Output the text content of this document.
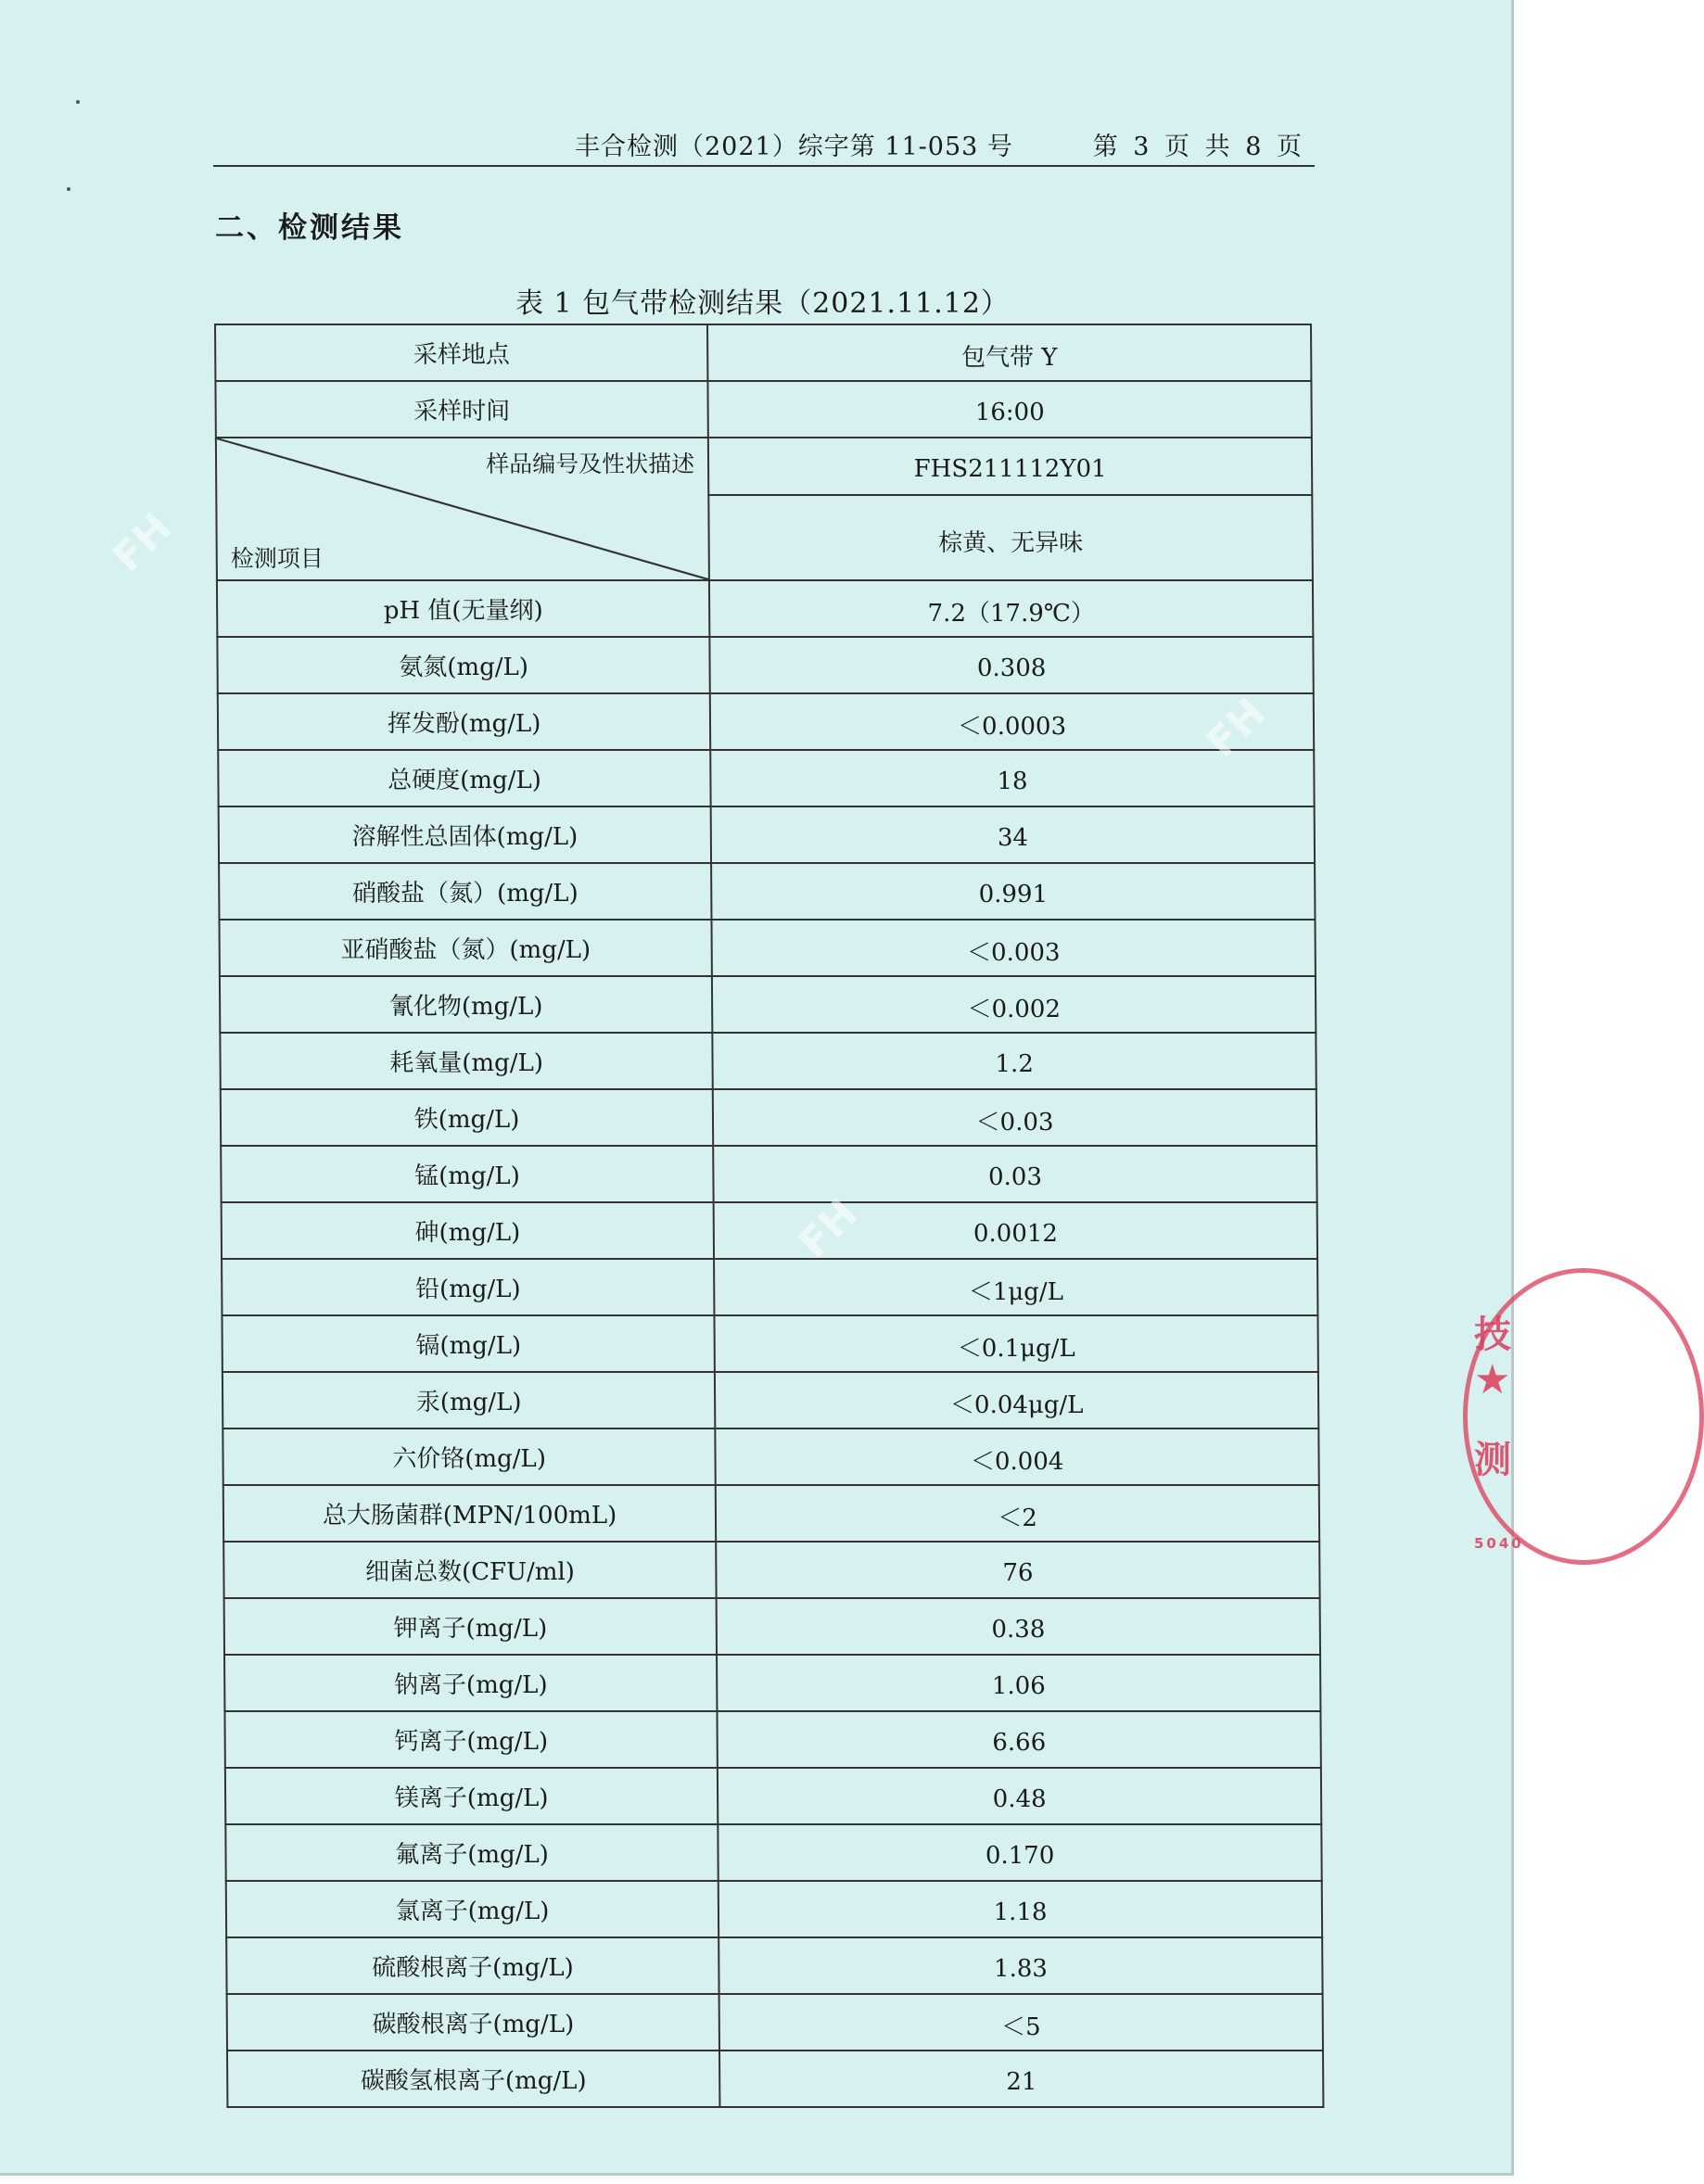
丰合检测（2021）综字第 11-053 号	第 3 页 共 8 页
二、检测结果
表 1 包气带检测结果（2021.11.12）
采样地点	包气带 Y
采样时间	16:00

样品编号及性状描述
检测项目	FHS211112Y01
	棕黄、无异味
pH 值(无量纲)	7.2（17.9℃）
氨氮(mg/L)	0.308
挥发酚(mg/L)	＜0.0003
总硬度(mg/L)	18
溶解性总固体(mg/L)	34
硝酸盐（氮）(mg/L)	0.991
亚硝酸盐（氮）(mg/L)	＜0.003
氰化物(mg/L)	＜0.002
耗氧量(mg/L)	1.2
铁(mg/L)	＜0.03
锰(mg/L)	0.03
砷(mg/L)	0.0012
铅(mg/L)	＜1μg/L
镉(mg/L)	＜0.1μg/L
汞(mg/L)	＜0.04μg/L
六价铬(mg/L)	＜0.004
总大肠菌群(MPN/100mL)	＜2
细菌总数(CFU/ml)	76
钾离子(mg/L)	0.38
钠离子(mg/L)	1.06
钙离子(mg/L)	6.66
镁离子(mg/L)	0.48
氟离子(mg/L)	0.170
氯离子(mg/L)	1.18
硫酸根离子(mg/L)	1.83
碳酸根离子(mg/L)	＜5
碳酸氢根离子(mg/L)	21
FH
FH
FH
技
★
测
5040
